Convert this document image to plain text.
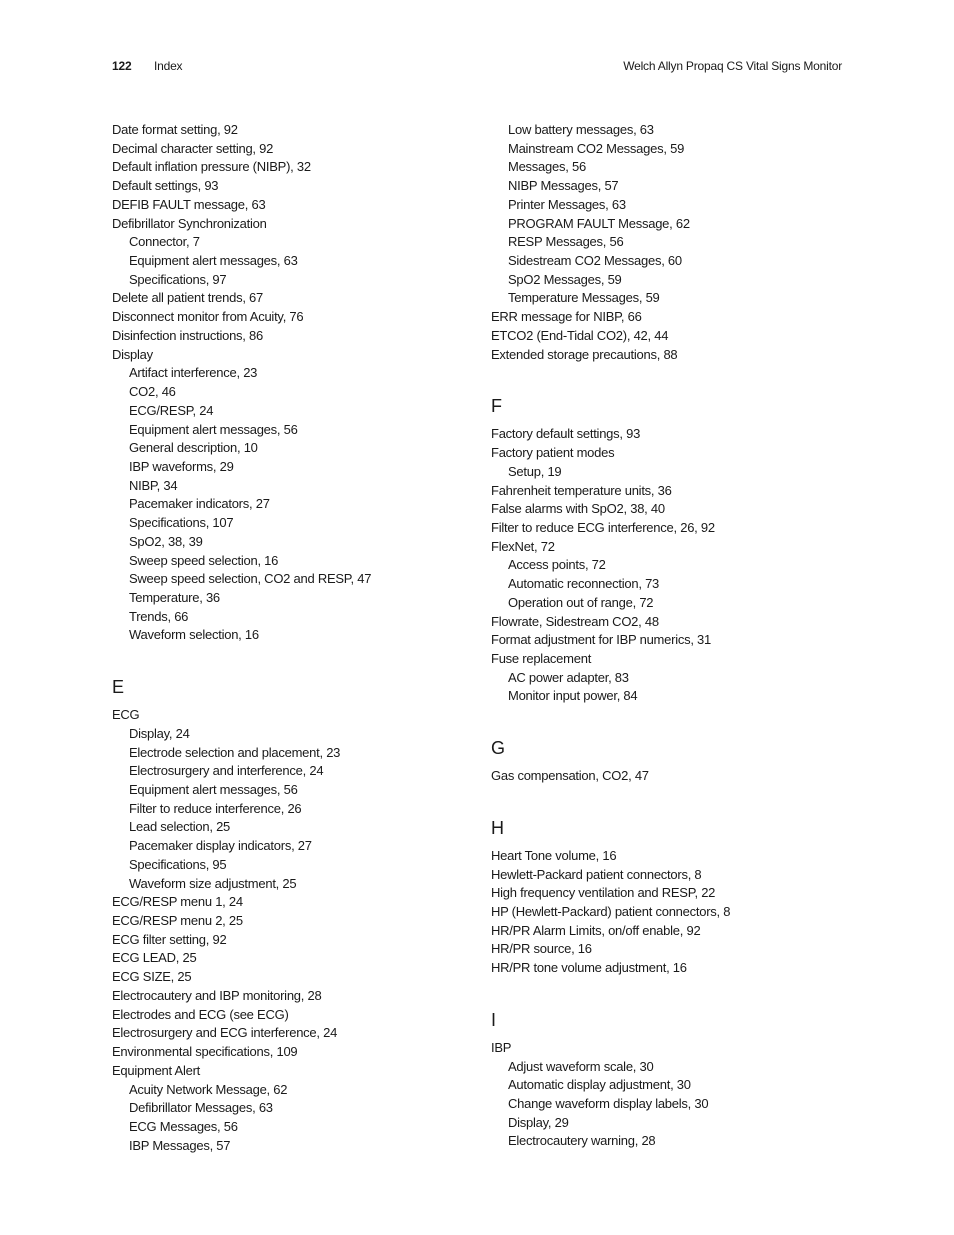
122 Index	Welch Allyn Propaq CS Vital Signs Monitor
Date format setting, 92
Decimal character setting, 92
Default inflation pressure (NIBP), 32
Default settings, 93
DEFIB FAULT message, 63
Defibrillator Synchronization
Connector, 7
Equipment alert messages, 63
Specifications, 97
Delete all patient trends, 67
Disconnect monitor from Acuity, 76
Disinfection instructions, 86
Display
Artifact interference, 23
CO2, 46
ECG/RESP, 24
Equipment alert messages, 56
General description, 10
IBP waveforms, 29
NIBP, 34
Pacemaker indicators, 27
Specifications, 107
SpO2, 38, 39
Sweep speed selection, 16
Sweep speed selection, CO2 and RESP, 47
Temperature, 36
Trends, 66
Waveform selection, 16
E
ECG
Display, 24
Electrode selection and placement, 23
Electrosurgery and interference, 24
Equipment alert messages, 56
Filter to reduce interference, 26
Lead selection, 25
Pacemaker display indicators, 27
Specifications, 95
Waveform size adjustment, 25
ECG/RESP menu 1, 24
ECG/RESP menu 2, 25
ECG filter setting, 92
ECG LEAD, 25
ECG SIZE, 25
Electrocautery and IBP monitoring, 28
Electrodes and ECG (see ECG)
Electrosurgery and ECG interference, 24
Environmental specifications, 109
Equipment Alert
Acuity Network Message, 62
Defibrillator Messages, 63
ECG Messages, 56
IBP Messages, 57
Low battery messages, 63
Mainstream CO2 Messages, 59
Messages, 56
NIBP Messages, 57
Printer Messages, 63
PROGRAM FAULT Message, 62
RESP Messages, 56
Sidestream CO2 Messages, 60
SpO2 Messages, 59
Temperature Messages, 59
ERR message for NIBP, 66
ETCO2 (End-Tidal CO2), 42, 44
Extended storage precautions, 88
F
Factory default settings, 93
Factory patient modes
Setup, 19
Fahrenheit temperature units, 36
False alarms with SpO2, 38, 40
Filter to reduce ECG interference, 26, 92
FlexNet, 72
Access points, 72
Automatic reconnection, 73
Operation out of range, 72
Flowrate, Sidestream CO2, 48
Format adjustment for IBP numerics, 31
Fuse replacement
AC power adapter, 83
Monitor input power, 84
G
Gas compensation, CO2, 47
H
Heart Tone volume, 16
Hewlett-Packard patient connectors, 8
High frequency ventilation and RESP, 22
HP (Hewlett-Packard) patient connectors, 8
HR/PR Alarm Limits, on/off enable, 92
HR/PR source, 16
HR/PR tone volume adjustment, 16
I
IBP
Adjust waveform scale, 30
Automatic display adjustment, 30
Change waveform display labels, 30
Display, 29
Electrocautery warning, 28
